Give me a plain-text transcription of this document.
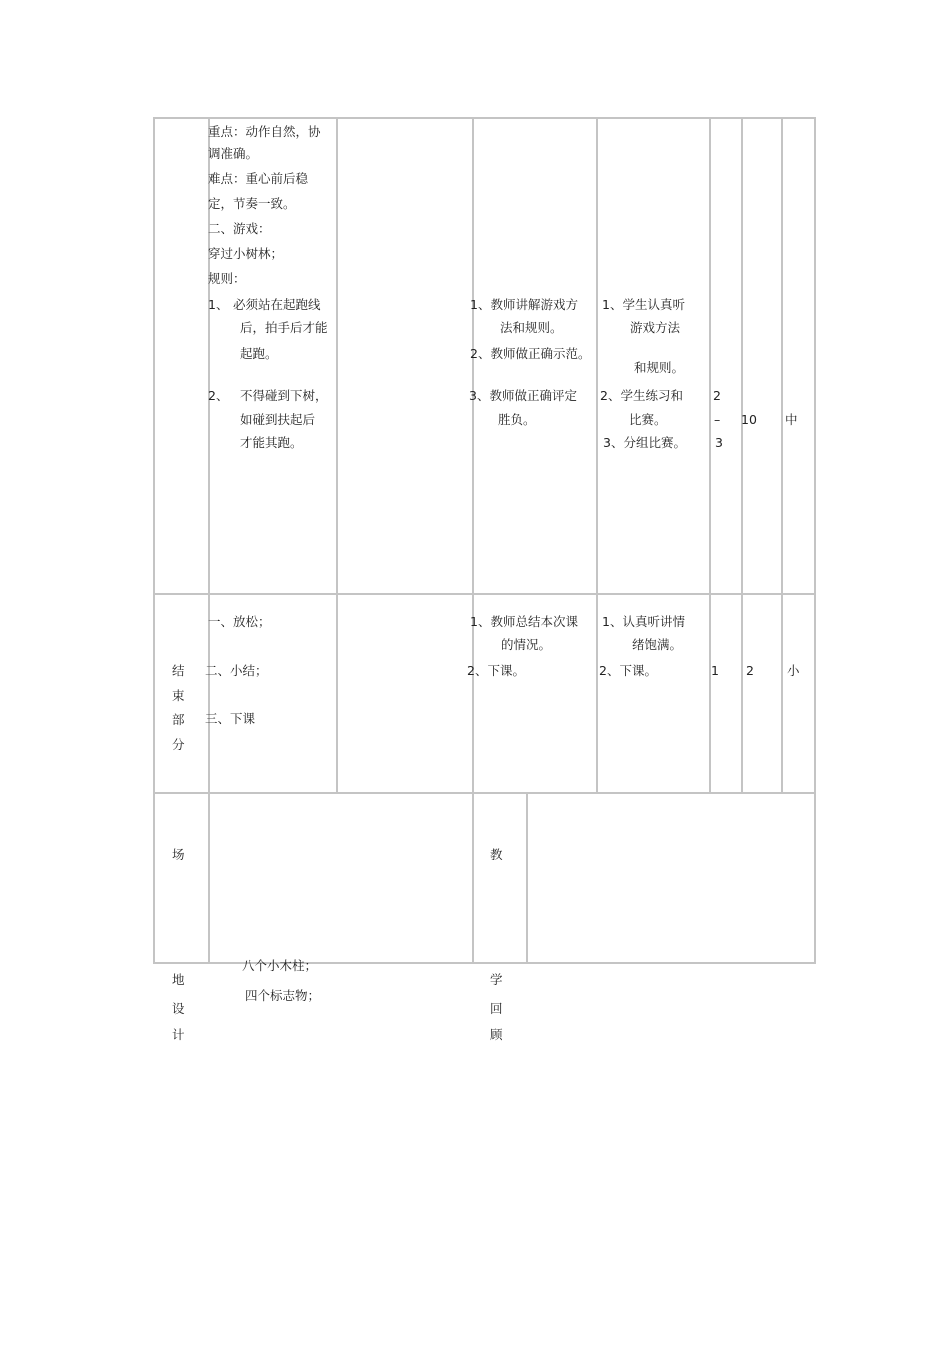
重点：动作自然，协
调准确。
难点：重心前后稳
定，节奏一致。
二、游戏：
穿过小树林；
规则：
1、 必须站在起跑线
后，拍手后才能
起跑。
2、 不得碰到下树，
如碰到扶起后
才能其跑。
1、教师讲解游戏方
法和规则。
2、教师做正确示范。
3、教师做正确评定
胜负。
1、学生认真听
游戏方法
和规则。
2、学生练习和
比赛。
3、分组比赛。
2
–
3
10 中
结
束
部
分
一、放松；
二、小结；
三、下课
1、教师总结本次课
的情况。
2、下课。
1、认真听讲情
绪饱满。
2、下课。	1 2	小
场
地
设
计
八个小木柱；
四个标志物；
教
学
回
顾
